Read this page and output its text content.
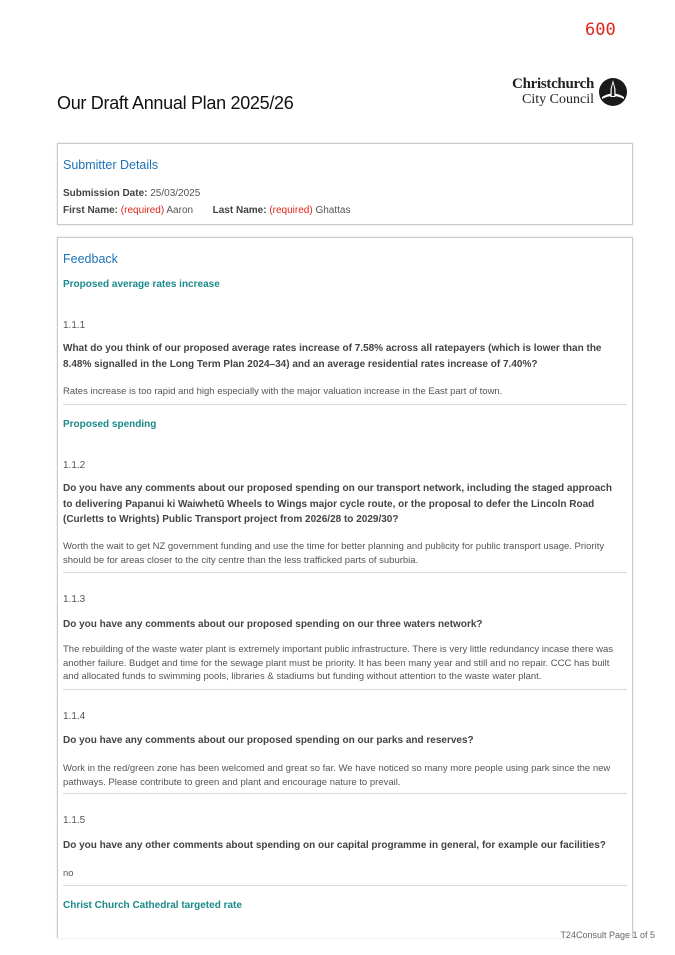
600
Our Draft Annual Plan 2025/26
Christchurch
City Council
Submitter Details
Submission Date: 25/03/2025
First Name: (required) Aaron Last Name: (required) Ghattas
Feedback
Proposed average rates increase
1.1.1
What do you think of our proposed average rates increase of 7.58% across all ratepayers (which is lower than the 8.48% signalled in the Long Term Plan 2024–34) and an average residential rates increase of 7.40%?
Rates increase is too rapid and high especially with the major valuation increase in the East part of town.
Proposed spending
1.1.2
Do you have any comments about our proposed spending on our transport network, including the staged approach to delivering Papanui ki Waiwhetū Wheels to Wings major cycle route, or the proposal to defer the Lincoln Road (Curletts to Wrights) Public Transport project from 2026/28 to 2029/30?
Worth the wait to get NZ government funding and use the time for better planning and publicity for public transport usage. Priority should be for areas closer to the city centre than the less trafficked parts of suburbia.
1.1.3
Do you have any comments about our proposed spending on our three waters network?
The rebuilding of the waste water plant is extremely important public infrastructure. There is very little redundancy incase there was another failure. Budget and time for the sewage plant must be priority. It has been many year and still and no repair. CCC has built and allocated funds to swimming pools, libraries & stadiums but funding without attention to the waste water plant.
1.1.4
Do you have any comments about our proposed spending on our parks and reserves?
Work in the red/green zone has been welcomed and great so far. We have noticed so many more people using park since the new pathways. Please contribute to green and plant and encourage nature to prevail.
1.1.5
Do you have any other comments about spending on our capital programme in general, for example our facilities?
no
Christ Church Cathedral targeted rate
T24Consult Page 1 of 5
